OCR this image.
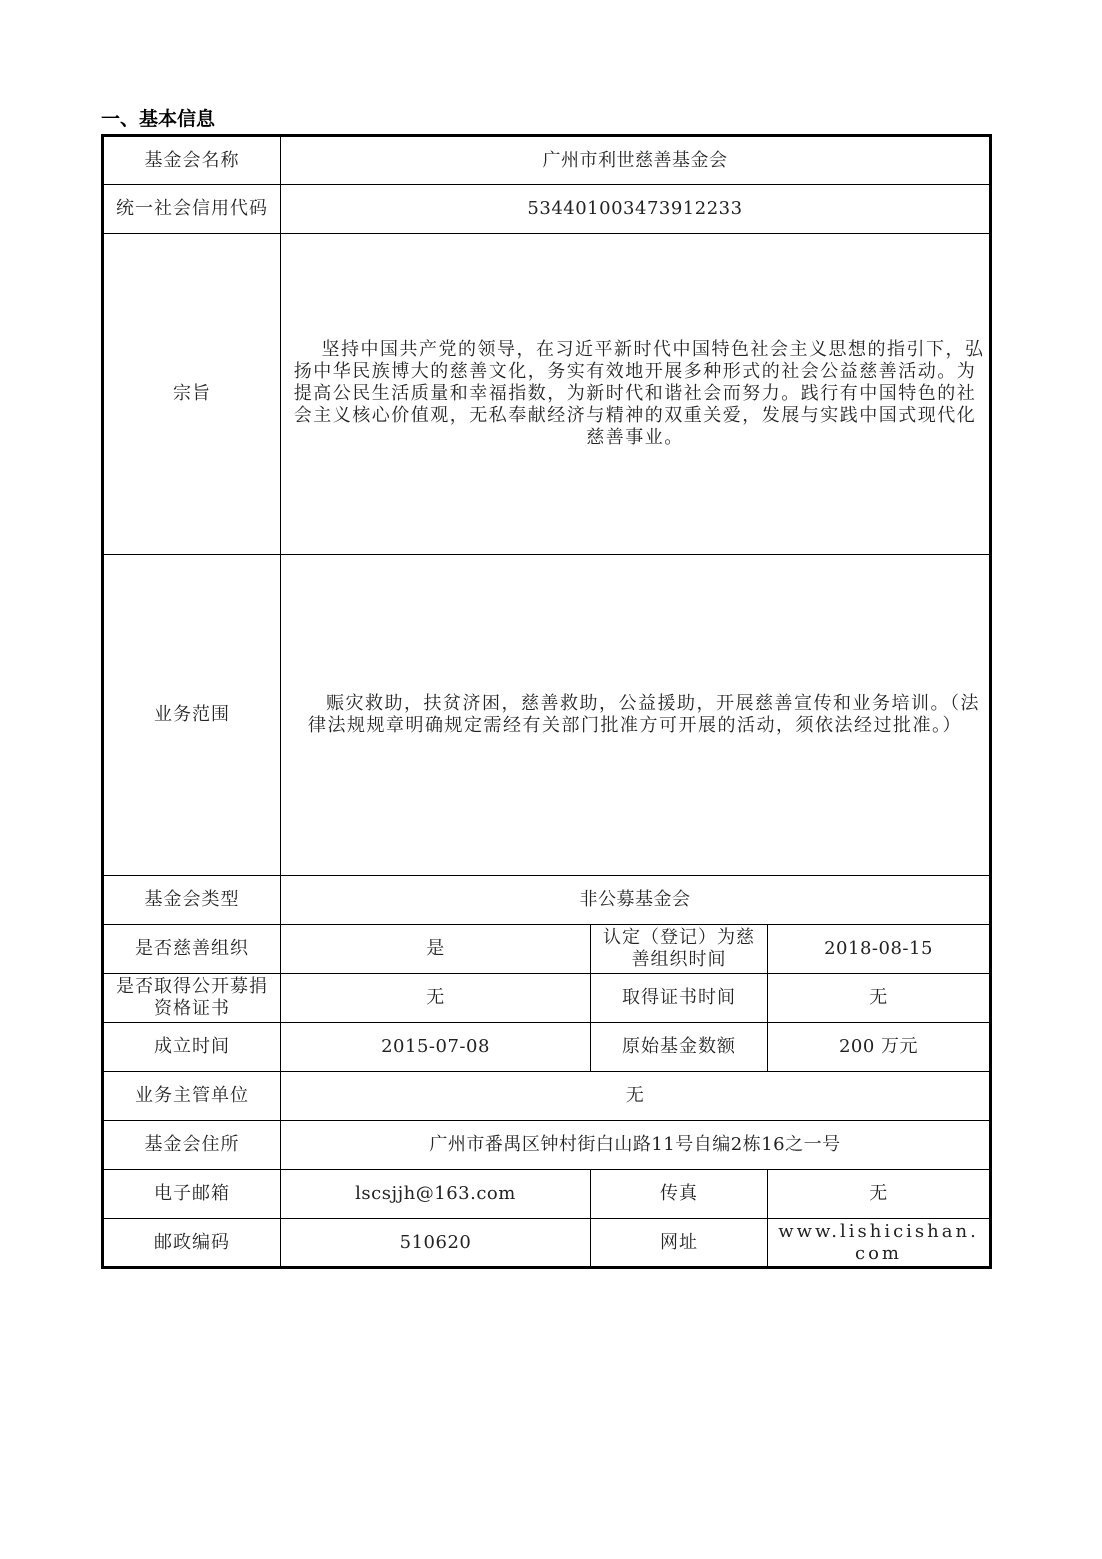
一、基本信息
基金会名称	广州市利世慈善基金会		
统一社会信用代码	534401003473912233		
宗旨	坚持中国共产党的领导，在习近平新时代中国特色社会主义思想的指引下，弘扬中华民族博大的慈善文化，务实有效地开展多种形式的社会公益慈善活动。为提高公民生活质量和幸福指数，为新时代和谐社会而努力。践行有中国特色的社会主义核心价值观，无私奉献经济与精神的双重关爱，发展与实践中国式现代化慈善事业。		

业务范围	赈灾救助，扶贫济困，慈善救助，公益援助，开展慈善宣传和业务培训。（法律法规规章明确规定需经有关部门批准方可开展的活动，须依法经过批准。）		

基金会类型	非公募基金会		
是否慈善组织	是	认定（登记）为慈善组织时间	2018-08-15
是否取得公开募捐资格证书	无	取得证书时间	无
成立时间	2015-07-08	原始基金数额	200 万元
业务主管单位	无		
基金会住所	广州市番禺区钟村街白山路11号自编2栋16之一号		
电子邮箱	lscsjjh@163.com	传真	无
邮政编码	510620	网址	www.lishicishan.com
